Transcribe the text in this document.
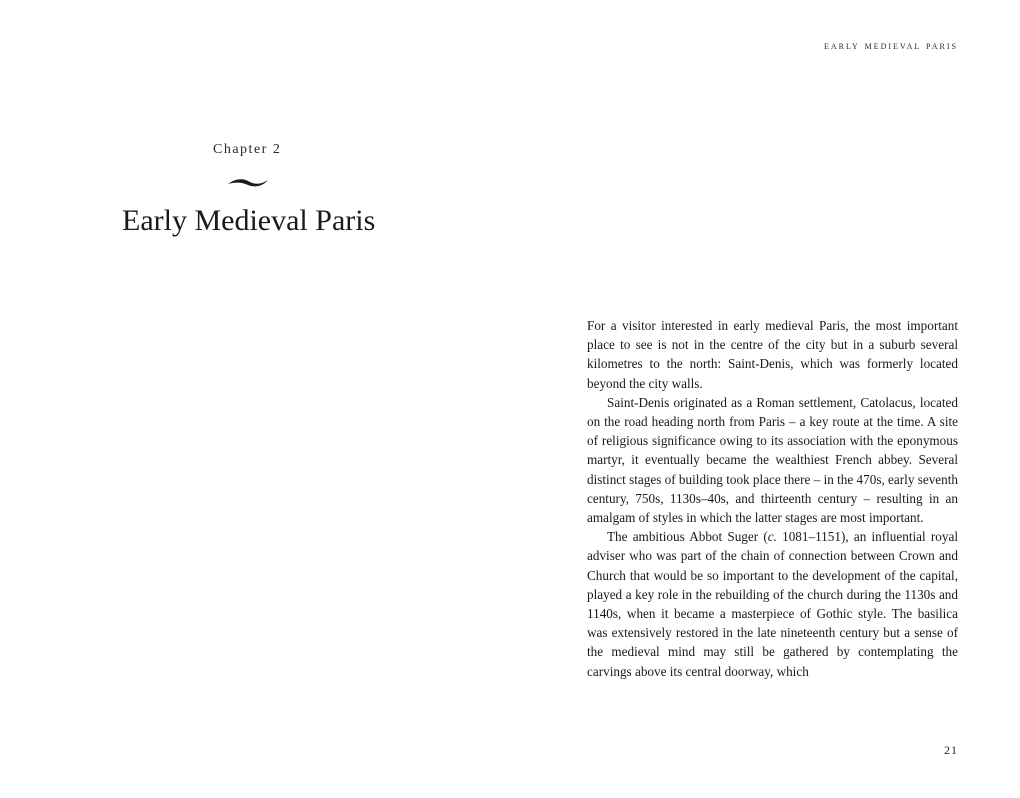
early medieval paris
Chapter 2
Early Medieval Paris

For a visitor interested in early medieval Paris, the most important place to see is not in the centre of the city but in a suburb several kilometres to the north: Saint-Denis, which was formerly located beyond the city walls.

Saint-Denis originated as a Roman settlement, Catolacus, located on the road heading north from Paris – a key route at the time. A site of religious significance owing to its association with the eponymous martyr, it eventually became the wealthiest French abbey. Several distinct stages of building took place there – in the 470s, early seventh century, 750s, 1130s–40s, and thirteenth century – resulting in an amalgam of styles in which the latter stages are most important.

The ambitious Abbot Suger (c. 1081–1151), an influential royal adviser who was part of the chain of connection between Crown and Church that would be so important to the development of the capital, played a key role in the rebuilding of the church during the 1130s and 1140s, when it became a masterpiece of Gothic style. The basilica was extensively restored in the late nineteenth century but a sense of the medieval mind may still be gathered by contemplating the carvings above its central doorway, which

21
